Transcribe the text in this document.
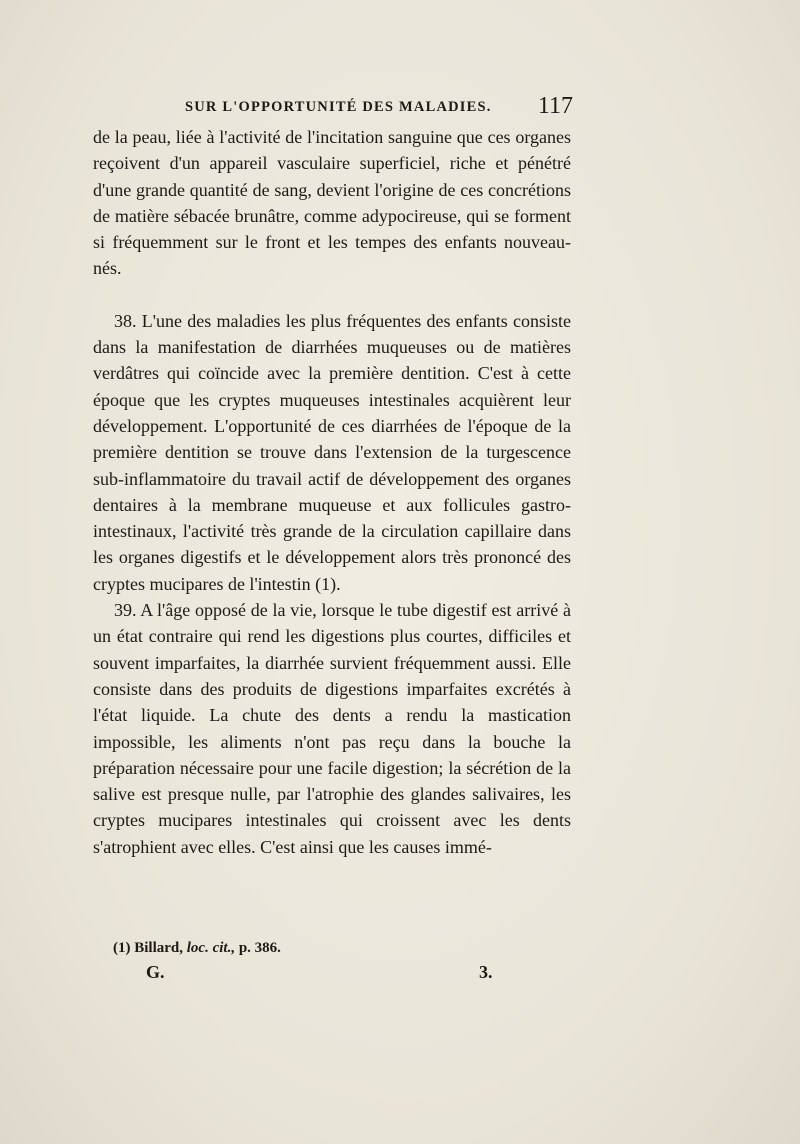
SUR L'OPPORTUNITÉ DES MALADIES. 117

de la peau, liée à l'activité de l'incitation sanguine que ces organes reçoivent d'un appareil vasculaire superficiel, riche et pénétré d'une grande quantité de sang, devient l'origine de ces concrétions de matière sébacée brunâtre, comme adypocireuse, qui se forment si fréquemment sur le front et les tempes des enfants nouveau-nés.

38. L'une des maladies les plus fréquentes des enfants consiste dans la manifestation de diarrhées muqueuses ou de matières verdâtres qui coïncide avec la première dentition. C'est à cette époque que les cryptes muqueuses intestinales acquièrent leur développement. L'opportunité de ces diarrhées de l'époque de la première dentition se trouve dans l'extension de la turgescence sub-inflammatoire du travail actif de développement des organes dentaires à la membrane muqueuse et aux follicules gastro-intestinaux, l'activité très grande de la circulation capillaire dans les organes digestifs et le développement alors très prononcé des cryptes mucipares de l'intestin (1).

39. A l'âge opposé de la vie, lorsque le tube digestif est arrivé à un état contraire qui rend les digestions plus courtes, difficiles et souvent imparfaites, la diarrhée survient fréquemment aussi. Elle consiste dans des produits de digestions imparfaites excrétés à l'état liquide. La chute des dents a rendu la mastication impossible, les aliments n'ont pas reçu dans la bouche la préparation nécessaire pour une facile digestion; la sécrétion de la salive est presque nulle, par l'atrophie des glandes salivaires, les cryptes mucipares intestinales qui croissent avec les dents s'atrophient avec elles. C'est ainsi que les causes immé-

(1) Billard, loc. cit., p. 386.
G.	3.
